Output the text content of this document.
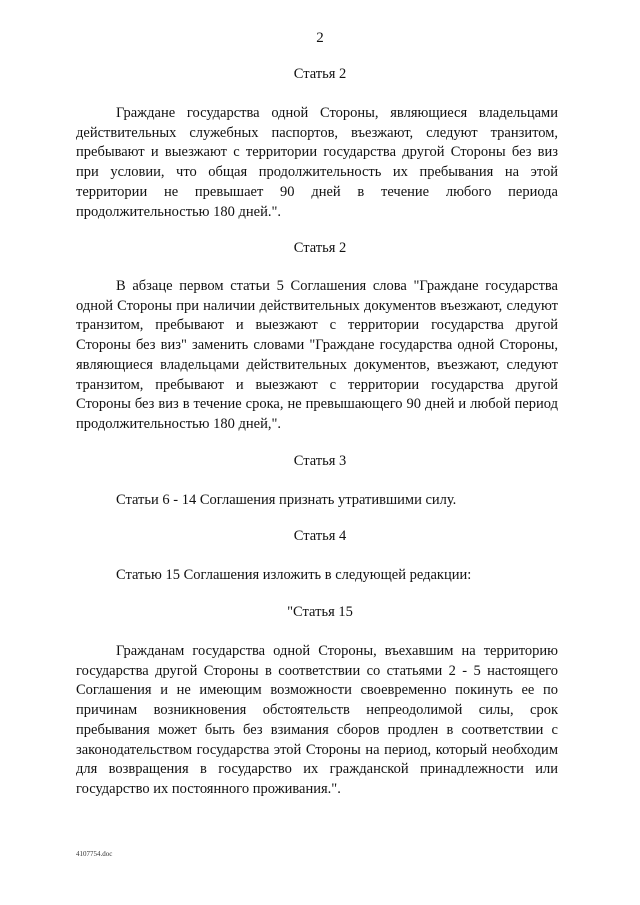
2
Статья 2

Граждане государства одной Стороны, являющиеся владельцами действительных служебных паспортов, въезжают, следуют транзитом, пребывают и выезжают с территории государства другой Стороны без виз при условии, что общая продолжительность их пребывания на этой территории не превышает 90 дней в течение любого периода продолжительностью 180 дней.".

Статья 2

В абзаце первом статьи 5 Соглашения слова "Граждане государства одной Стороны при наличии действительных документов въезжают, следуют транзитом, пребывают и выезжают с территории государства другой Стороны без виз" заменить словами "Граждане государства одной Стороны, являющиеся владельцами действительных документов, въезжают, следуют транзитом, пребывают и выезжают с территории государства другой Стороны без виз в течение срока, не превышающего 90 дней и любой период продолжительностью 180 дней,".

Статья 3

Статьи 6 - 14 Соглашения признать утратившими силу.

Статья 4

Статью 15 Соглашения изложить в следующей редакции:

"Статья 15

Гражданам государства одной Стороны, въехавшим на территорию государства другой Стороны в соответствии со статьями 2 - 5 настоящего Соглашения и не имеющим возможности своевременно покинуть ее по причинам возникновения обстоятельств непреодолимой силы, срок пребывания может быть без взимания сборов продлен в соответствии с законодательством государства этой Стороны на период, который необходим для возвращения в государство их гражданской принадлежности или государство их постоянного проживания.".

4107754.doc
